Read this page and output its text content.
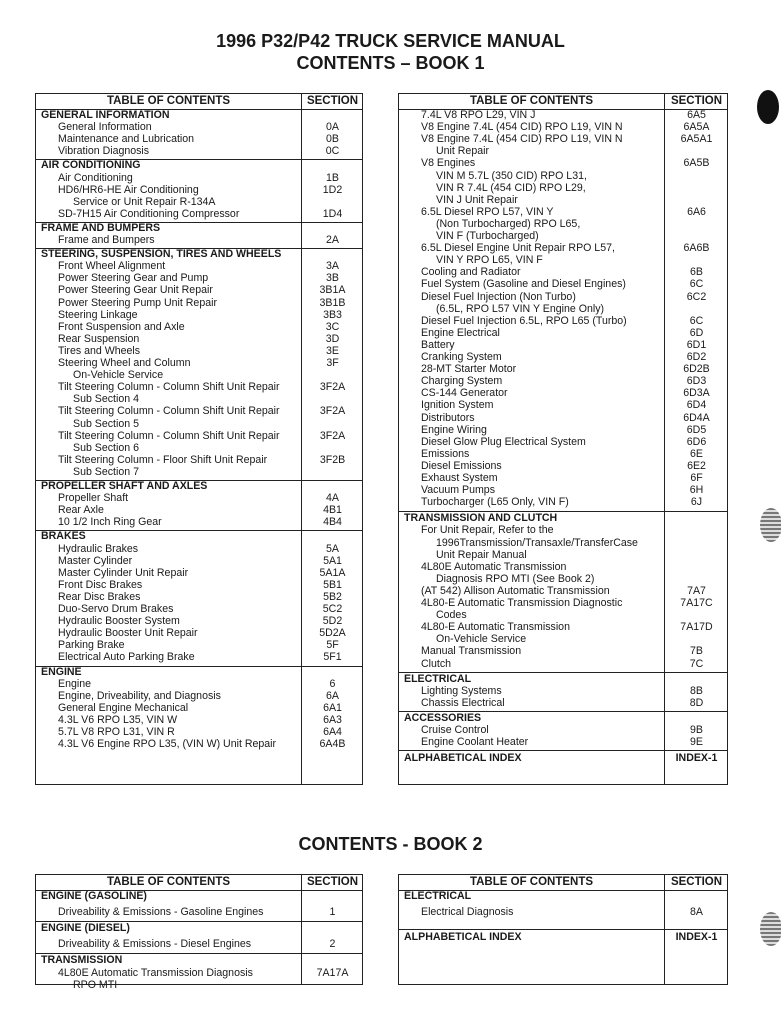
1996 P32/P42 TRUCK SERVICE MANUAL
CONTENTS – BOOK 1
CONTENTS - BOOK 2
TABLE OF CONTENTS	SECTION
GENERAL INFORMATION
General Information	0A
Maintenance and Lubrication	0B
Vibration Diagnosis	0C
AIR CONDITIONING
Air Conditioning	1B
HD6/HR6-HE Air Conditioning	1D2
Service or Unit Repair R-134A
SD-7H15 Air Conditioning Compressor	1D4
FRAME AND BUMPERS
Frame and Bumpers	2A
STEERING, SUSPENSION, TIRES AND WHEELS
Front Wheel Alignment	3A
Power Steering Gear and Pump	3B
Power Steering Gear Unit Repair	3B1A
Power Steering Pump Unit Repair	3B1B
Steering Linkage	3B3
Front Suspension and Axle	3C
Rear Suspension	3D
Tires and Wheels	3E
Steering Wheel and Column	3F
On-Vehicle Service
Tilt Steering Column - Column Shift Unit Repair	3F2A
Sub Section 4
Tilt Steering Column - Column Shift Unit Repair	3F2A
Sub Section 5
Tilt Steering Column - Column Shift Unit Repair	3F2A
Sub Section 6
Tilt Steering Column - Floor Shift Unit Repair	3F2B
Sub Section 7
PROPELLER SHAFT AND AXLES
Propeller Shaft	4A
Rear Axle	4B1
10 1/2 Inch Ring Gear	4B4
BRAKES
Hydraulic Brakes	5A
Master Cylinder	5A1
Master Cylinder Unit Repair	5A1A
Front Disc Brakes	5B1
Rear Disc Brakes	5B2
Duo-Servo Drum Brakes	5C2
Hydraulic Booster System	5D2
Hydraulic Booster Unit Repair	5D2A
Parking Brake	5F
Electrical Auto Parking Brake	5F1
ENGINE
Engine	6
Engine, Driveability, and Diagnosis	6A
General Engine Mechanical	6A1
4.3L V6 RPO L35, VIN W	6A3
5.7L V8 RPO L31, VIN R	6A4
4.3L V6 Engine RPO L35, (VIN W) Unit Repair	6A4B
TABLE OF CONTENTS	SECTION
7.4L V8 RPO L29, VIN J	6A5
V8 Engine 7.4L (454 CID) RPO L19, VIN N	6A5A
V8 Engine 7.4L (454 CID) RPO L19, VIN N	6A5A1
Unit Repair
V8 Engines	6A5B
VIN M 5.7L (350 CID) RPO L31,
VIN R 7.4L (454 CID) RPO L29,
VIN J Unit Repair
6.5L Diesel RPO L57, VIN Y	6A6
(Non Turbocharged) RPO L65,
VIN F (Turbocharged)
6.5L Diesel Engine Unit Repair RPO L57,	6A6B
VIN Y RPO L65, VIN F
Cooling and Radiator	6B
Fuel System (Gasoline and Diesel Engines)	6C
Diesel Fuel Injection (Non Turbo)	6C2
(6.5L, RPO L57 VIN Y Engine Only)
Diesel Fuel Injection 6.5L, RPO L65 (Turbo)	6C
Engine Electrical	6D
Battery	6D1
Cranking System	6D2
28-MT Starter Motor	6D2B
Charging System	6D3
CS-144 Generator	6D3A
Ignition System	6D4
Distributors	6D4A
Engine Wiring	6D5
Diesel Glow Plug Electrical System	6D6
Emissions	6E
Diesel Emissions	6E2
Exhaust System	6F
Vacuum Pumps	6H
Turbocharger (L65 Only, VIN F)	6J
TRANSMISSION AND CLUTCH
For Unit Repair, Refer to the
1996Transmission/Transaxle/TransferCase
Unit Repair Manual
4L80E Automatic Transmission
Diagnosis RPO MTI (See Book 2)
(AT 542) Allison Automatic Transmission	7A7
4L80-E Automatic Transmission Diagnostic	7A17C
Codes
4L80-E Automatic Transmission	7A17D
On-Vehicle Service
Manual Transmission	7B
Clutch	7C
ELECTRICAL
Lighting Systems	8B
Chassis Electrical	8D
ACCESSORIES
Cruise Control	9B
Engine Coolant Heater	9E
ALPHABETICAL INDEX	INDEX-1
TABLE OF CONTENTS	SECTION
ENGINE (GASOLINE)
Driveability & Emissions - Gasoline Engines	1
ENGINE (DIESEL)
Driveability & Emissions - Diesel Engines	2
TRANSMISSION
4L80E Automatic Transmission Diagnosis	7A17A
RPO MTI
TABLE OF CONTENTS	SECTION
ELECTRICAL
Electrical Diagnosis	8A
ALPHABETICAL INDEX	INDEX-1
